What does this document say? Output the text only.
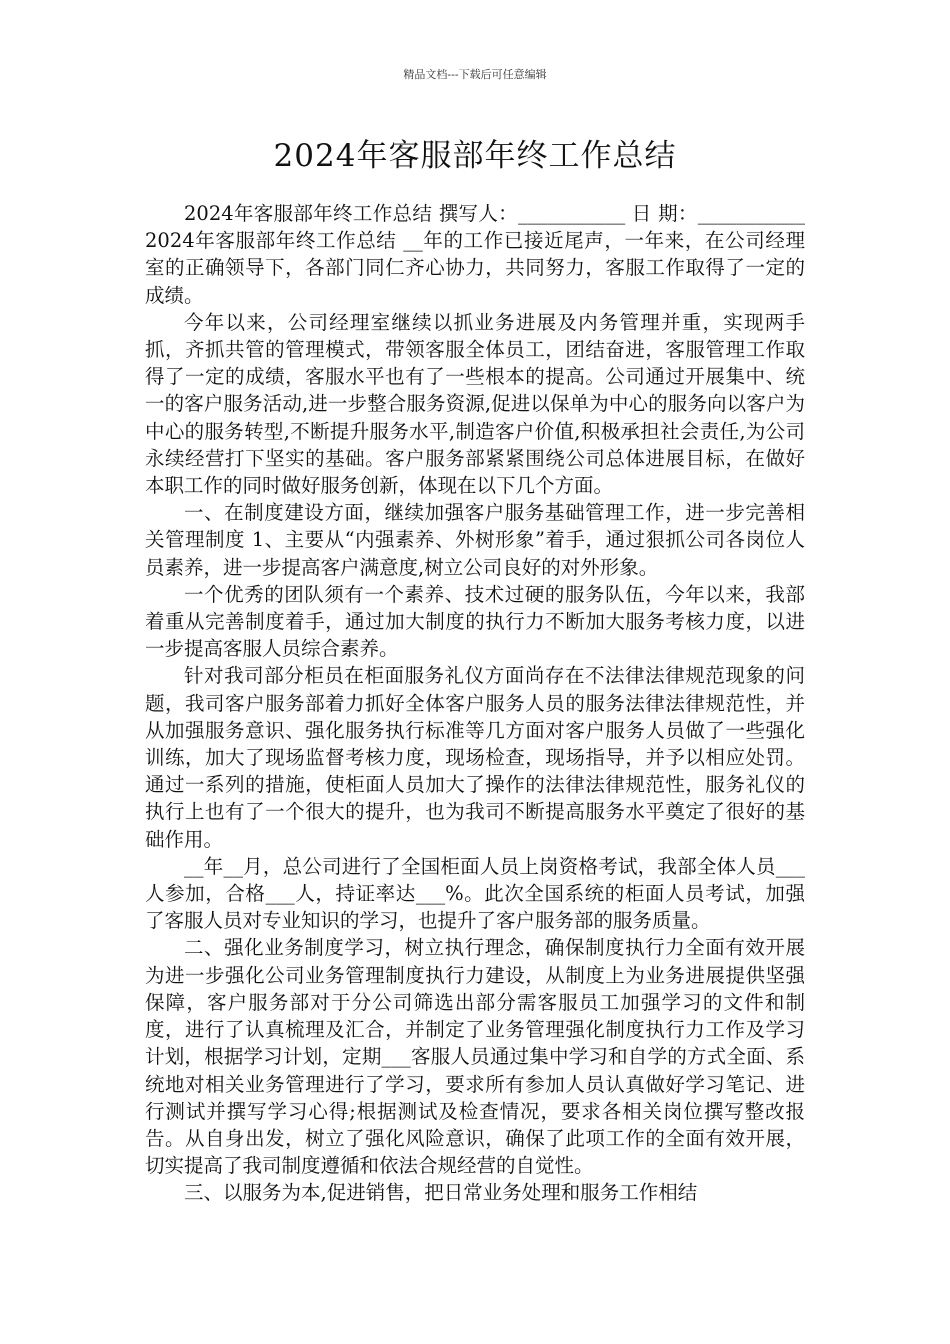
精品文档---下载后可任意编辑
2024年客服部年终工作总结

2024年客服部年终工作总结 撰写人：___________ 日 期：___________ 2024年客服部年终工作总结 __年的工作已接近尾声，一年来，在公司经理室的正确领导下，各部门同仁齐心协力，共同努力，客服工作取得了一定的成绩。

今年以来，公司经理室继续以抓业务进展及内务管理并重，实现两手抓，齐抓共管的管理模式，带领客服全体员工，团结奋进，客服管理工作取得了一定的成绩，客服水平也有了一些根本的提高。公司通过开展集中、统一的客户服务活动,进一步整合服务资源,促进以保单为中心的服务向以客户为中心的服务转型,不断提升服务水平,制造客户价值,积极承担社会责任,为公司永续经营打下坚实的基础。客户服务部紧紧围绕公司总体进展目标，在做好本职工作的同时做好服务创新，体现在以下几个方面。

一、在制度建设方面，继续加强客户服务基础管理工作，进一步完善相关管理制度 1、主要从“内强素养、外树形象”着手，通过狠抓公司各岗位人员素养，进一步提高客户满意度,树立公司良好的对外形象。

一个优秀的团队须有一个素养、技术过硬的服务队伍，今年以来，我部着重从完善制度着手，通过加大制度的执行力不断加大服务考核力度，以进一步提高客服人员综合素养。

针对我司部分柜员在柜面服务礼仪方面尚存在不法律法律规范现象的问题，我司客户服务部着力抓好全体客户服务人员的服务法律法律规范性，并从加强服务意识、强化服务执行标准等几方面对客户服务人员做了一些强化训练，加大了现场监督考核力度，现场检查，现场指导，并予以相应处罚。通过一系列的措施，使柜面人员加大了操作的法律法律规范性，服务礼仪的执行上也有了一个很大的提升，也为我司不断提高服务水平奠定了很好的基础作用。

__年__月，总公司进行了全国柜面人员上岗资格考试，我部全体人员___人参加，合格___人，持证率达___%。此次全国系统的柜面人员考试，加强了客服人员对专业知识的学习，也提升了客户服务部的服务质量。

二、强化业务制度学习，树立执行理念，确保制度执行力全面有效开展 为进一步强化公司业务管理制度执行力建设，从制度上为业务进展提供坚强保障，客户服务部对于分公司筛选出部分需客服员工加强学习的文件和制度，进行了认真梳理及汇合，并制定了业务管理强化制度执行力工作及学习计划，根据学习计划，定期___客服人员通过集中学习和自学的方式全面、系统地对相关业务管理进行了学习，要求所有参加人员认真做好学习笔记、进行测试并撰写学习心得;根据测试及检查情况，要求各相关岗位撰写整改报告。从自身出发，树立了强化风险意识，确保了此项工作的全面有效开展，切实提高了我司制度遵循和依法合规经营的自觉性。

三、以服务为本,促进销售，把日常业务处理和服务工作相结
